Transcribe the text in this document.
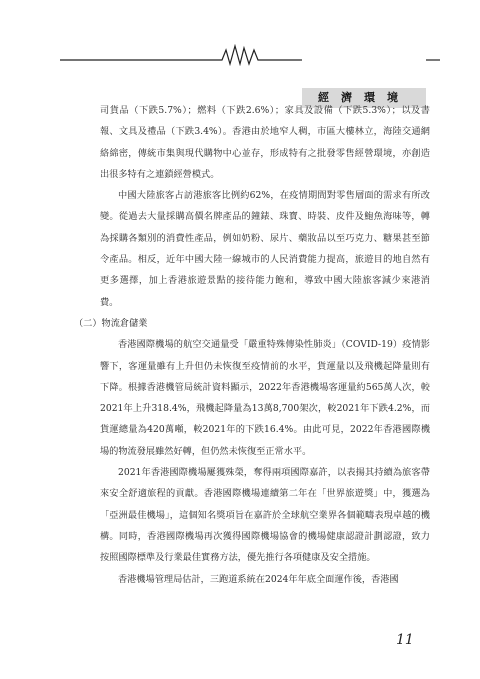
經濟環境

司貨品（下跌5.7%）；燃料（下跌2.6%）；家具及設備（下跌5.3%）；以及書報、文具及禮品（下跌3.4%）。香港由於地窄人稠，市區大樓林立，海陸交通網絡綿密，傳統市集與現代購物中心並存，形成特有之批發零售經營環境，亦創造出很多特有之連鎖經營模式。

中國大陸旅客占訪港旅客比例約62%，在疫情期間對零售層面的需求有所改變。從過去大量採購高價名牌產品的鐘錶、珠寶、時裝、皮件及鮑魚海味等，轉為採購各類別的消費性產品，例如奶粉、尿片、藥妝品以至巧克力、糖果甚至節令產品。相反，近年中國大陸一線城市的人民消費能力提高，旅遊目的地自然有更多選擇，加上香港旅遊景點的接待能力飽和，導致中國大陸旅客減少來港消費。

（二）物流倉儲業

香港國際機場的航空交通量受「嚴重特殊傳染性肺炎」（COVID-19）疫情影響下，客運量雖有上升但仍未恢復至疫情前的水平，貨運量以及飛機起降量則有下降。根據香港機管局統計資料顯示，2022年香港機場客運量約565萬人次，較2021年上升318.4%，飛機起降量為13萬8,700架次，較2021年下跌4.2%，而貨運總量為420萬噸，較2021年的下跌16.4%。由此可見，2022年香港國際機場的物流發展雖然好轉，但仍然未恢復至正常水平。

2021年香港國際機場屢獲殊榮，奪得兩項國際嘉許，以表揚其持續為旅客帶來安全舒適旅程的貢獻。香港國際機場連續第二年在「世界旅遊獎」中，獲選為「亞洲最佳機場」，這個知名獎項旨在嘉許於全球航空業界各個範疇表現卓越的機構。同時，香港國際機場再次獲得國際機場協會的機場健康認證計劃認證，致力按照國際標準及行業最佳實務方法，優先推行各項健康及安全措施。

香港機場管理局估計，三跑道系統在2024年年底全面運作後，香港國

11
